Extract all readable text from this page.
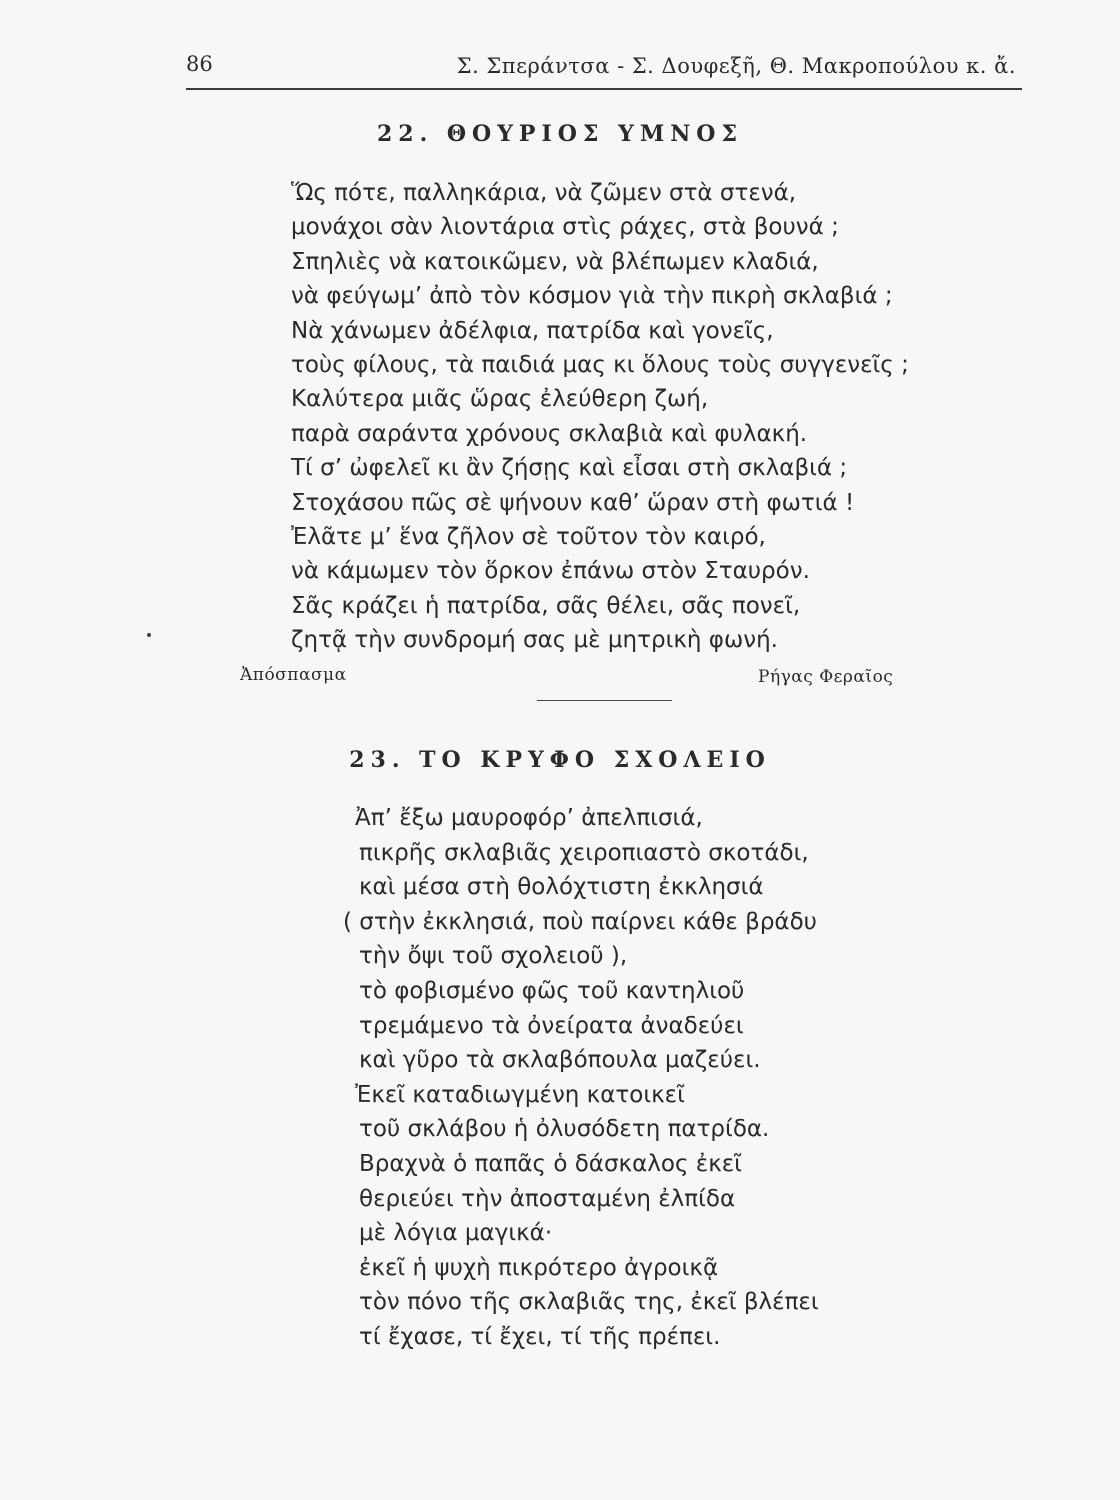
86	Σ. Σπεράντσα - Σ. Δουφεξῆ, Θ. Μακροπούλου κ. ἄ.
22. ΘΟΥΡΙΟΣ ΥΜΝΟΣ
Ὥς πότε, παλληκάρια, νὰ ζῶμεν στὰ στενά,
μονάχοι σὰν λιοντάρια στὶς ράχες, στὰ βουνά ;
Σπηλιὲς νὰ κατοικῶμεν, νὰ βλέπωμεν κλαδιά,
νὰ φεύγωμ’ ἀπὸ τὸν κόσμον γιὰ τὴν πικρὴ σκλαβιά ;
Νὰ χάνωμεν ἀδέλφια, πατρίδα καὶ γονεῖς,
τοὺς φίλους, τὰ παιδιά μας κι ὅλους τοὺς συγγενεῖς ;
Καλύτερα μιᾶς ὥρας ἐλεύθερη ζωή,
παρὰ σαράντα χρόνους σκλαβιὰ καὶ φυλακή.
Τί σ’ ὠφελεῖ κι ἂν ζήσῃς καὶ εἶσαι στὴ σκλαβιά ;
Στοχάσου πῶς σὲ ψήνουν καθ’ ὥραν στὴ φωτιά !
Ἐλᾶτε μ’ ἕνα ζῆλον σὲ τοῦτον τὸν καιρό,
νὰ κάμωμεν τὸν ὅρκον ἐπάνω στὸν Σταυρόν.
Σᾶς κράζει ἡ πατρίδα, σᾶς θέλει, σᾶς πονεῖ,
ζητᾷ τὴν συνδρομή σας μὲ μητρικὴ φωνή.
Ἀπόσπασμα	Ρήγας Φεραῖος
23. ΤΟ ΚΡΥΦΟ ΣΧΟΛΕΙΟ
Ἀπ’ ἔξω μαυροφόρ’ ἀπελπισιά,
πικρῆς σκλαβιᾶς χειροπιαστὸ σκοτάδι,
καὶ μέσα στὴ θολόχτιστη ἐκκλησιά
( στὴν ἐκκλησιά, ποὺ παίρνει κάθε βράδυ
τὴν ὄψι τοῦ σχολειοῦ ),
τὸ φοβισμένο φῶς τοῦ καντηλιοῦ
τρεμάμενο τὰ ὀνείρατα ἀναδεύει
καὶ γῦρο τὰ σκλαβόπουλα μαζεύει.
Ἐκεῖ καταδιωγμένη κατοικεῖ
τοῦ σκλάβου ἡ ὀλυσόδετη πατρίδα.
Βραχνὰ ὁ παπᾶς ὁ δάσκαλος ἐκεῖ
θεριεύει τὴν ἀποσταμένη ἐλπίδα
μὲ λόγια μαγικά·
ἐκεῖ ἡ ψυχὴ πικρότερο ἀγροικᾷ
τὸν πόνο τῆς σκλαβιᾶς της, ἐκεῖ βλέπει
τί ἔχασε, τί ἔχει, τί τῆς πρέπει.
